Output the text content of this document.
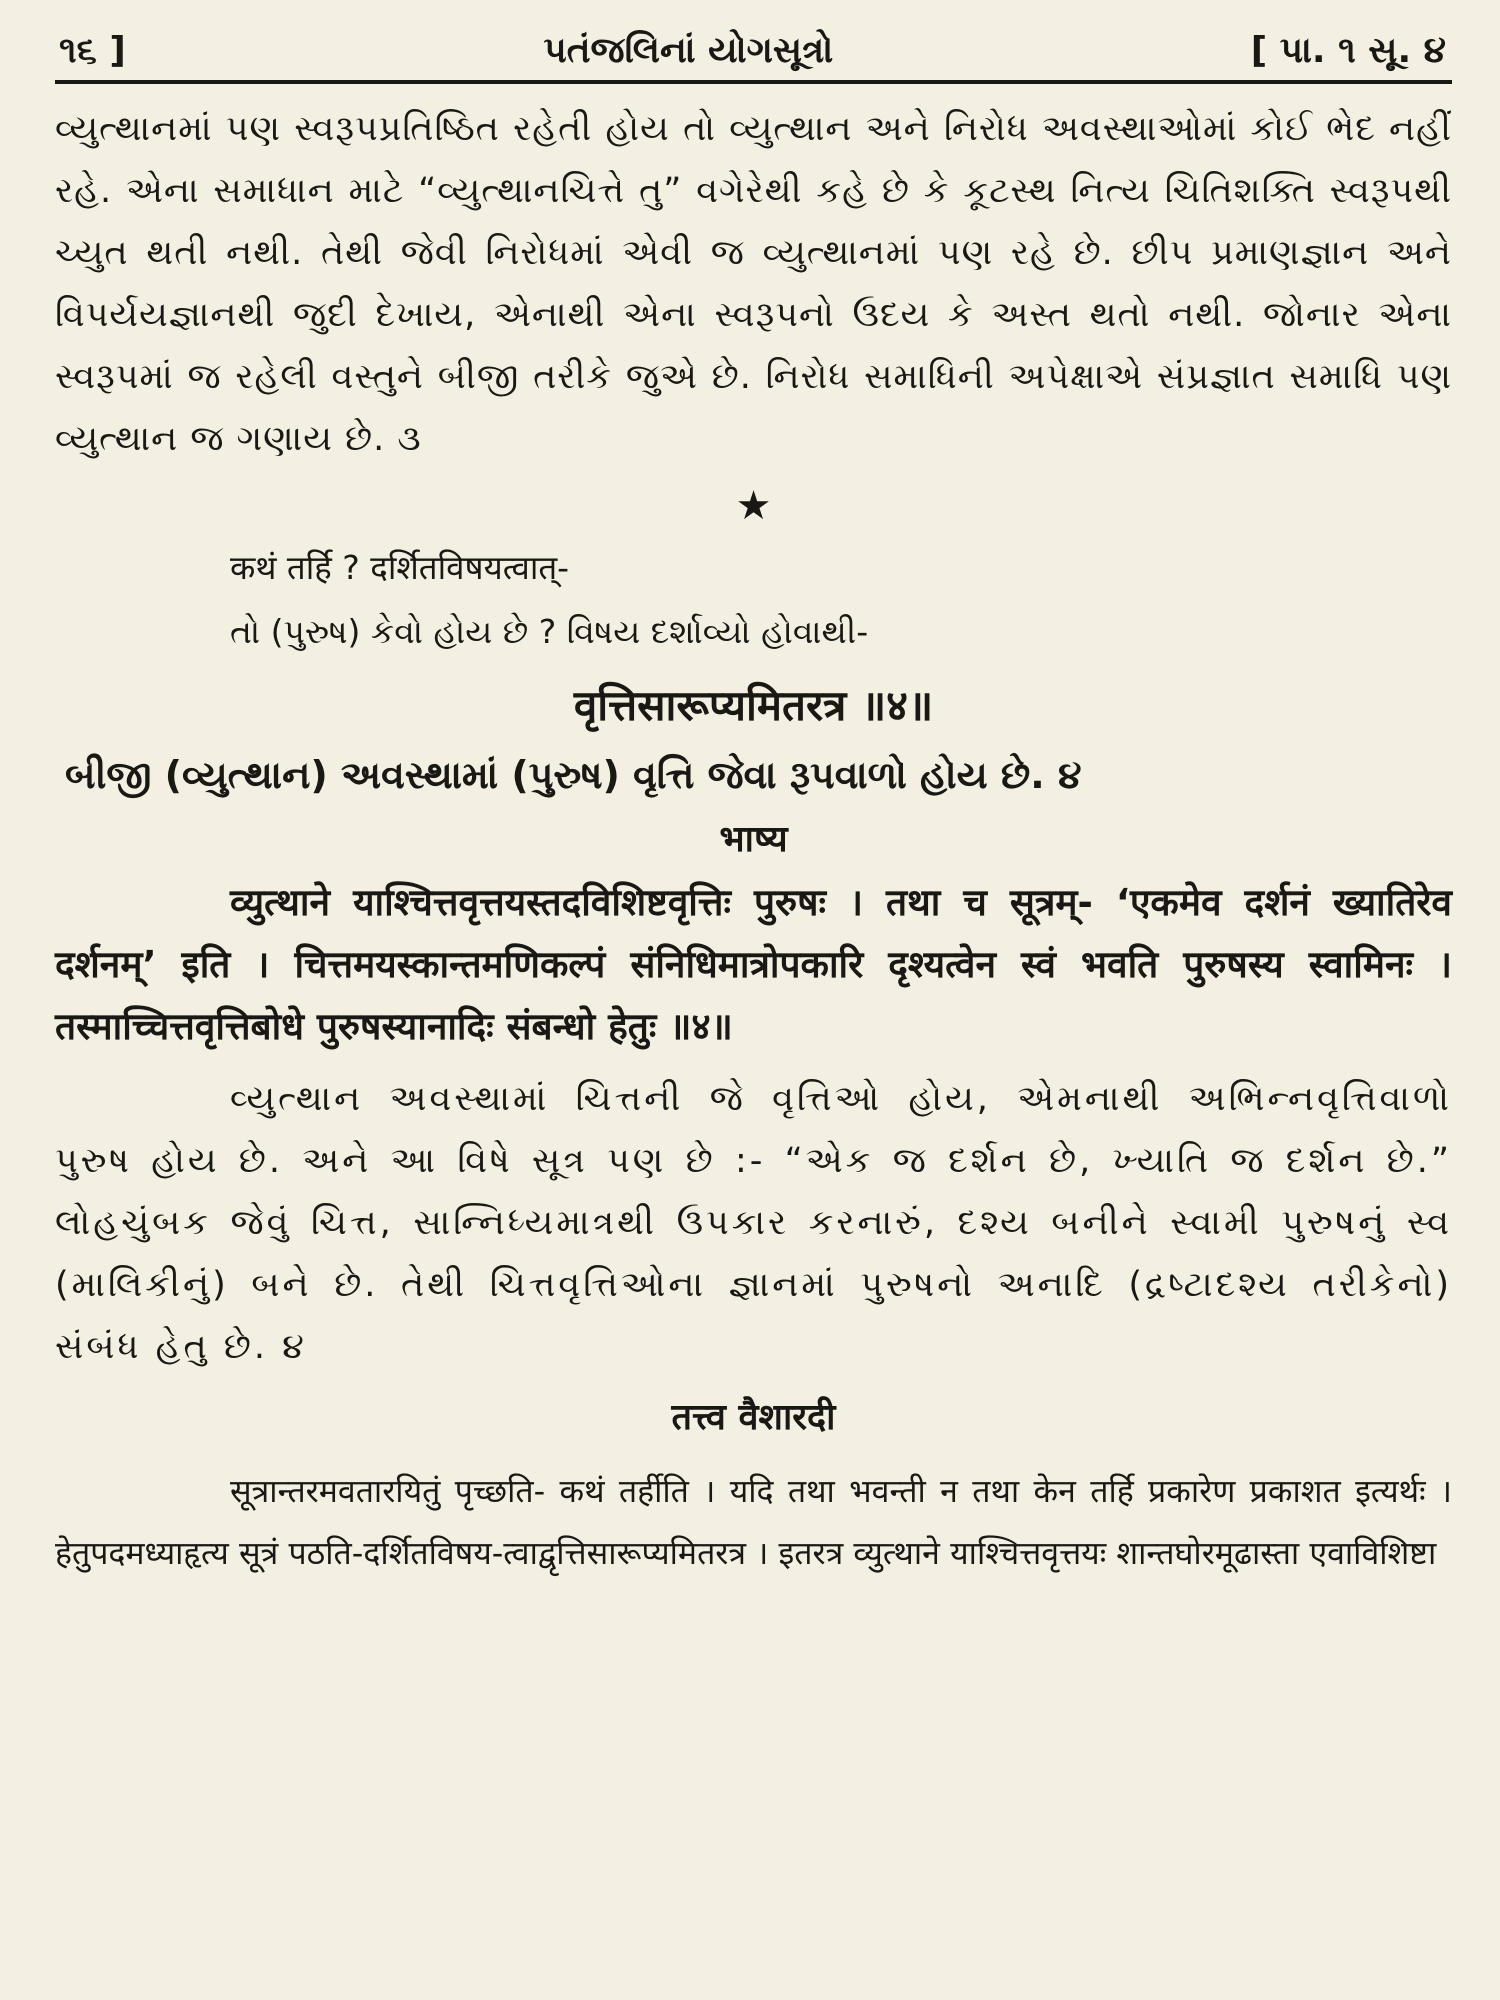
૧૬ ]	પતંજલિનાં યોગસૂત્રો	[ પા. ૧ સૂ. ૪

વ્યુત્થાનમાં પણ સ્વરૂપપ્રતિષ્ઠિત રહેતી હોય તો વ્યુત્થાન અને નિરોધ અવસ્થાઓમાં કોઈ ભેદ નહીં રહે. એના સમાધાન માટે “વ્યુત્થાનચિત્તે તુ” વગેરેથી કહે છે કે કૂટસ્થ નિત્ય ચિતિશક્તિ સ્વરૂપથી ચ્યુત થતી નથી. તેથી જેવી નિરોધમાં એવી જ વ્યુત્થાનમાં પણ રહે છે. છીપ પ્રમાણજ્ઞાન અને વિપર્યયજ્ઞાનથી જુદી દેખાય, એનાથી એના સ્વરૂપનો ઉદય કે અસ્ત થતો નથી. જોનાર એના સ્વરૂપમાં જ રહેલી વસ્તુને બીજી તરીકે જુએ છે. નિરોધ સમાધિની અપેક્ષાએ સંપ્રજ્ઞાત સમાધિ પણ વ્યુત્થાન જ ગણાય છે. ૩

★

कथं तर्हि ? दर्शितविषयत्वात्-

તો (પુરુષ) કેવો હોય છે ? વિષય દર્શાવ્યો હોવાથી-

वृत्तिसारूप्यमितरत्र ॥४॥

બીજી (વ્યુત્થાન) અવસ્થામાં (પુરુષ) વૃત્તિ જેવા રૂપવાળો હોય છે. ૪

भाष्य

व्युत्थाने याश्चित्तवृत्तयस्तदविशिष्टवृत्तिः पुरुषः । तथा च सूत्रम्- ‘एकमेव दर्शनं ख्यातिरेव दर्शनम्’ इति । चित्तमयस्कान्तमणिकल्पं संनिधिमात्रोपकारि दृश्यत्वेन स्वं भवति पुरुषस्य स्वामिनः । तस्माच्चित्तवृत्तिबोधे पुरुषस्यानादिः संबन्धो हेतुः ॥४॥

વ્યુત્થાન અવસ્થામાં ચિત્તની જે વૃત્તિઓ હોય, એમનાથી અભિન્નવૃત્તિવાળો પુરુષ હોય છે. અને આ વિષે સૂત્ર પણ છે :- “એક જ દર્શન છે, ખ્યાતિ જ દર્શન છે.” લોહચુંબક જેવું ચિત્ત, સાન્નિધ્યમાત્રથી ઉપકાર કરનારું, દશ્ય બનીને સ્વામી પુરુષનું સ્વ (માલિકીનું) બને છે. તેથી ચિત્તવૃત્તિઓના જ્ઞાનમાં પુરુષનો અનાદિ (દ્રષ્ટાદશ્ય તરીકેનો) સંબંધ હેતુ છે. ૪

तत्त्व वैशारदी

सूत्रान्तरमवतारयितुं पृच्छति- कथं तर्हीति । यदि तथा भवन्ती न तथा केन तर्हि प्रकारेण प्रकाशत इत्यर्थः । हेतुपदमध्याहृत्य सूत्रं पठति-दर्शितविषय-त्वाद्वृत्तिसारूप्यमितरत्र । इतरत्र व्युत्थाने याश्चित्तवृत्तयः शान्तघोरमूढास्ता एवाविशिष्टा
